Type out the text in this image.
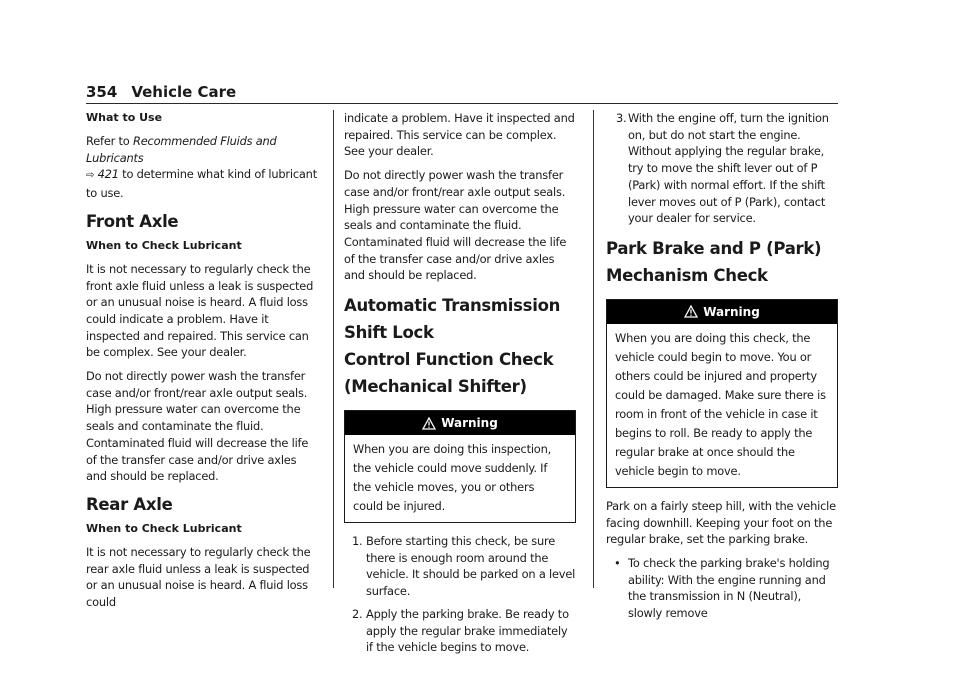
354 Vehicle Care
What to Use

Refer to Recommended Fluids and Lubricants
⇨ 421 to determine what kind of lubricant to use.

Front Axle
When to Check Lubricant

It is not necessary to regularly check the front axle fluid unless a leak is suspected or an unusual noise is heard. A fluid loss could indicate a problem. Have it inspected and repaired. This service can be complex. See your dealer.

Do not directly power wash the transfer case and/or front/rear axle output seals. High pressure water can overcome the seals and contaminate the fluid. Contaminated fluid will decrease the life of the transfer case and/or drive axles and should be replaced.

Rear Axle
When to Check Lubricant

It is not necessary to regularly check the rear axle fluid unless a leak is suspected or an unusual noise is heard. A fluid loss could

indicate a problem. Have it inspected and repaired. This service can be complex. See your dealer.

Do not directly power wash the transfer case and/or front/rear axle output seals. High pressure water can overcome the seals and contaminate the fluid. Contaminated fluid will decrease the life of the transfer case and/or drive axles and should be replaced.

Automatic Transmission Shift Lock
Control Function Check
(Mechanical Shifter)
Warning
When you are doing this inspection, the vehicle could move suddenly. If the vehicle moves, you or others could be injured.
1. Before starting this check, be sure there is enough room around the vehicle. It should be parked on a level surface.
2. Apply the parking brake. Be ready to apply the regular brake immediately if the vehicle begins to move.
3. With the engine off, turn the ignition on, but do not start the engine. Without applying the regular brake, try to move the shift lever out of P (Park) with normal effort. If the shift lever moves out of P (Park), contact your dealer for service.
Park Brake and P (Park)
Mechanism Check
Warning
When you are doing this check, the vehicle could begin to move. You or others could be injured and property could be damaged. Make sure there is room in front of the vehicle in case it begins to roll. Be ready to apply the regular brake at once should the vehicle begin to move.

Park on a fairly steep hill, with the vehicle facing downhill. Keeping your foot on the regular brake, set the parking brake.

• To check the parking brake's holding ability: With the engine running and the transmission in N (Neutral), slowly remove
